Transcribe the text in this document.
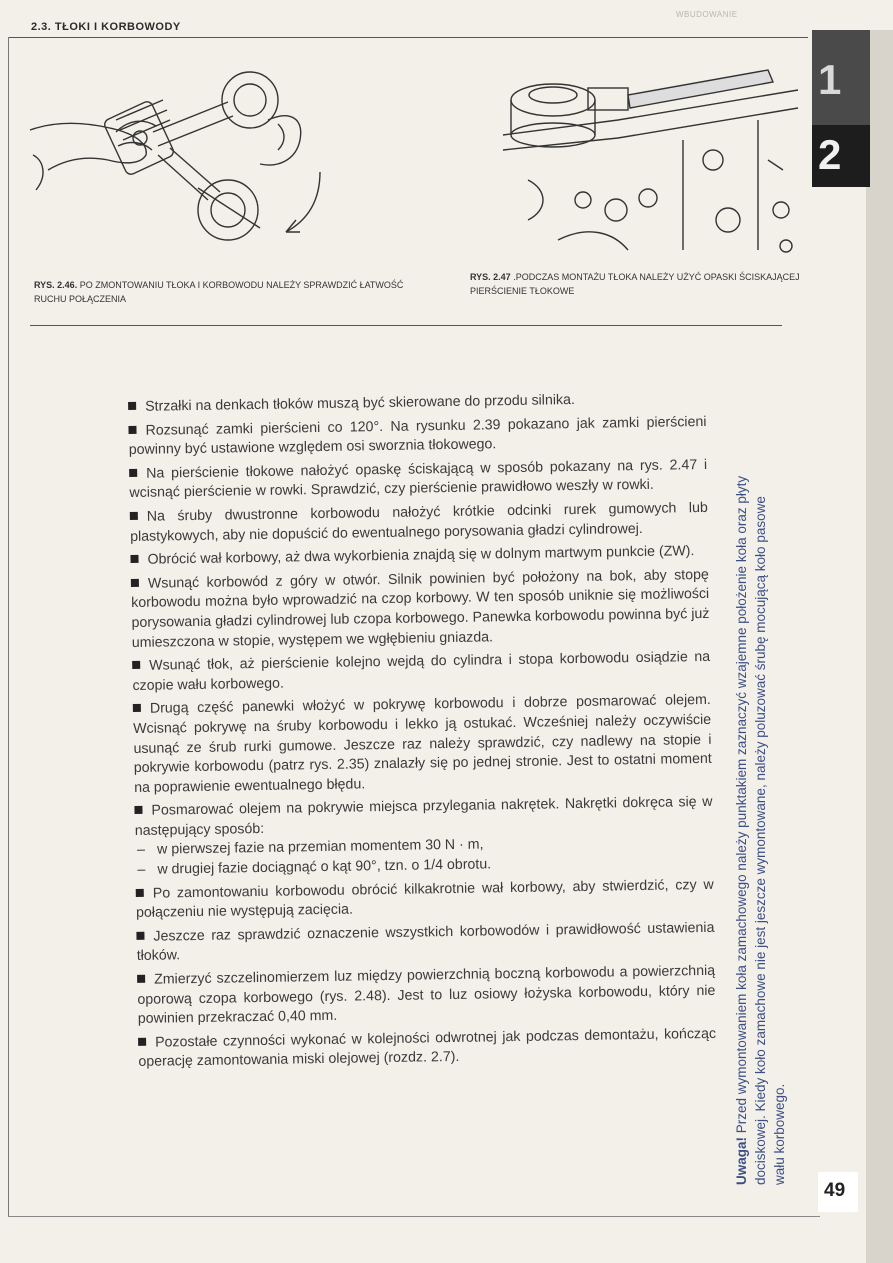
2.3. TŁOKI I KORBOWODY
WBUDOWANIE
RYS. 2.46. PO ZMONTOWANIU TŁOKA I KORBOWODU NALEŻY SPRAWDZIĆ ŁATWOŚĆ RUCHU POŁĄCZENIA
RYS. 2.47 .PODCZAS MONTAŻU TŁOKA NALEŻY UŻYĆ OPASKI ŚCISKAJĄCEJ PIERŚCIENIE TŁOKOWE

Strzałki na denkach tłoków muszą być skierowane do przodu silnika.

Rozsunąć zamki pierścieni co 120°. Na rysunku 2.39 pokazano jak zamki pierścieni powinny być ustawione względem osi sworznia tłokowego.

Na pierścienie tłokowe nałożyć opaskę ściskającą w sposób pokazany na rys. 2.47 i wcisnąć pierścienie w rowki. Sprawdzić, czy pierścienie prawidłowo weszły w rowki.

Na śruby dwustronne korbowodu nałożyć krótkie odcinki rurek gumowych lub plastykowych, aby nie dopuścić do ewentualnego porysowania gładzi cylindrowej.

Obrócić wał korbowy, aż dwa wykorbienia znajdą się w dolnym martwym punkcie (ZW).

Wsunąć korbowód z góry w otwór. Silnik powinien być położony na bok, aby stopę korbowodu można było wprowadzić na czop korbowy. W ten sposób uniknie się możliwości porysowania gładzi cylindrowej lub czopa korbowego. Panewka korbowodu powinna być już umieszczona w stopie, występem we wgłębieniu gniazda.

Wsunąć tłok, aż pierścienie kolejno wejdą do cylindra i stopa korbowodu osiądzie na czopie wału korbowego.

Drugą część panewki włożyć w pokrywę korbowodu i dobrze posmarować olejem. Wcisnąć pokrywę na śruby korbowodu i lekko ją ostukać. Wcześniej należy oczywiście usunąć ze śrub rurki gumowe. Jeszcze raz należy sprawdzić, czy nadlewy na stopie i pokrywie korbowodu (patrz rys. 2.35) znalazły się po jednej stronie. Jest to ostatni moment na poprawienie ewentualnego błędu.

Posmarować olejem na pokrywie miejsca przylegania nakrętek. Nakrętki dokręca się w następujący sposób:

– w pierwszej fazie na przemian momentem 30 N · m,

– w drugiej fazie dociągnąć o kąt 90°, tzn. o 1/4 obrotu.

Po zamontowaniu korbowodu obrócić kilkakrotnie wał korbowy, aby stwierdzić, czy w połączeniu nie występują zacięcia.

Jeszcze raz sprawdzić oznaczenie wszystkich korbowodów i prawidłowość ustawienia tłoków.

Zmierzyć szczelinomierzem luz między powierzchnią boczną korbowodu a powierzchnią oporową czopa korbowego (rys. 2.48). Jest to luz osiowy łożyska korbowodu, który nie powinien przekraczać 0,40 mm.

Pozostałe czynności wykonać w kolejności odwrotnej jak podczas demontażu, kończąc operację zamontowania miski olejowej (rozdz. 2.7).

Uwaga! Przed wymontowaniem koła zamachowego należy punktakiem zaznaczyć wzajemne położenie koła oraz płyty dociskowej. Kiedy koło zamachowe nie jest jeszcze wymontowane, należy poluzować śrubę mocującą koło pasowe wału korbowego.
1
2
49
